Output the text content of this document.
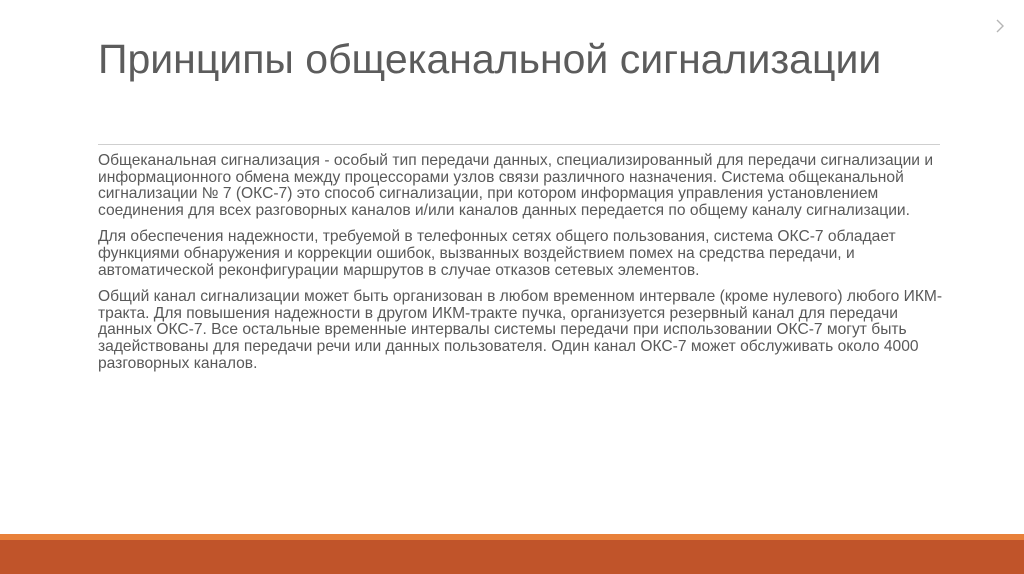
Принципы общеканальной сигнализации

Общеканальная сигнализация - особый тип передачи данных, специализированный для передачи сигнализации и информационного обмена между процессорами узлов связи различного назначения. Система общеканальной сигнализации № 7 (ОКС-7) это способ сигнализации, при котором информация управления установлением соединения для всех разговорных каналов и/или каналов данных передается по общему каналу сигнализации.

Для обеспечения надежности, требуемой в телефонных сетях общего пользования, система ОКС-7 обладает функциями обнаружения и коррекции ошибок, вызванных воздействием помех на средства передачи, и автоматической реконфигурации маршрутов в случае отказов сетевых элементов.

Общий канал сигнализации может быть организован в любом временном интервале (кроме нулевого) любого ИКМ-тракта. Для повышения надежности в другом ИКМ-тракте пучка, организуется резервный канал для передачи данных ОКС-7. Все остальные временные интервалы системы передачи при использовании ОКС-7 могут быть задействованы для передачи речи или данных пользователя. Один канал ОКС-7 может обслуживать около 4000 разговорных каналов.
